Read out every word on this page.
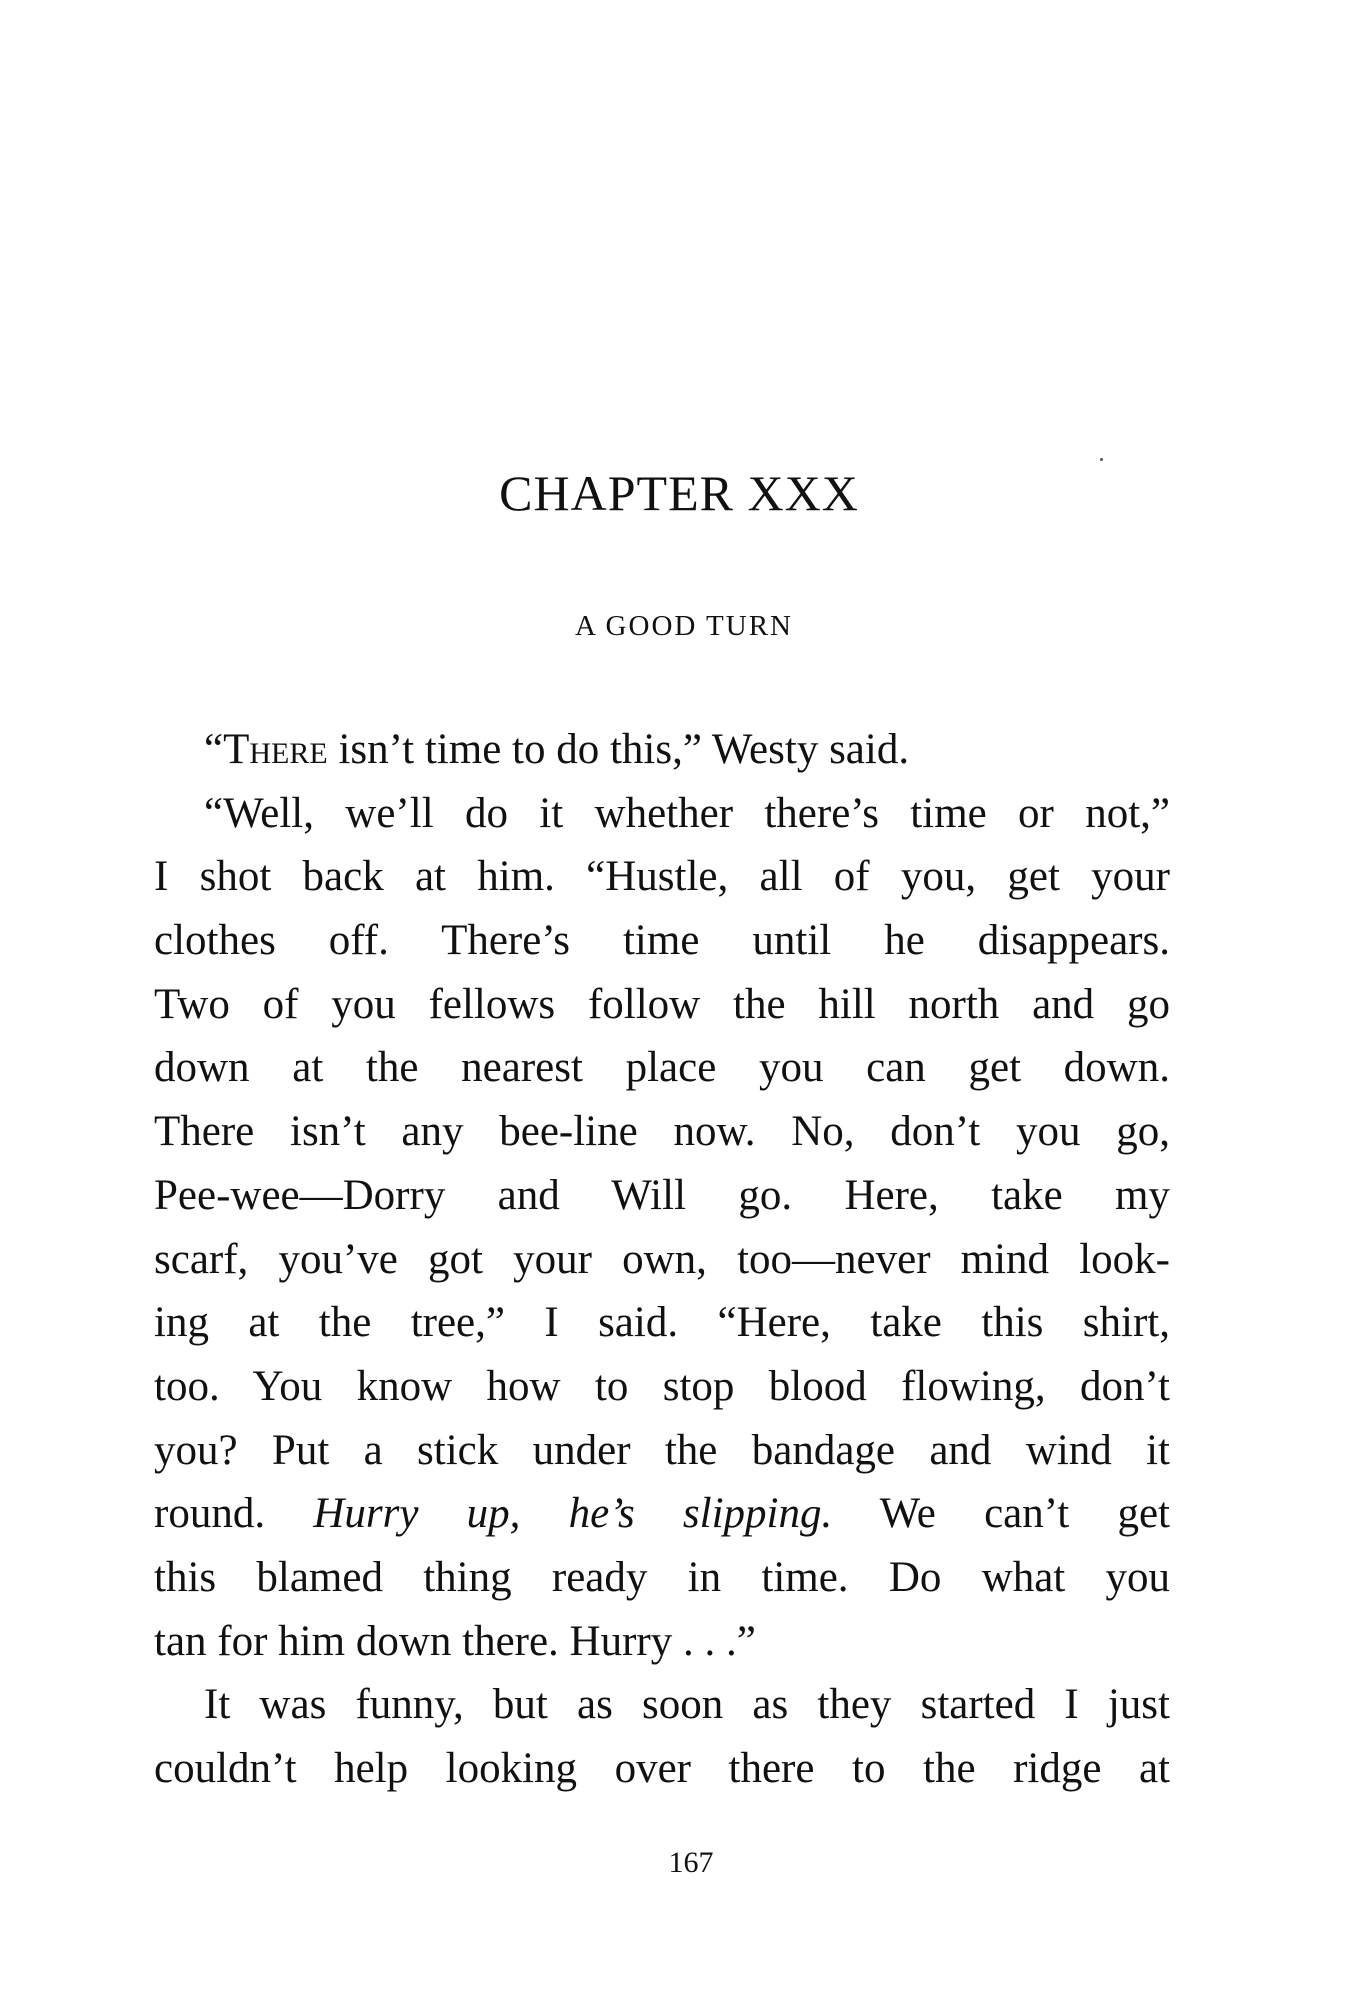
CHAPTER XXX
A GOOD TURN
“There isn’t time to do this,” Westy said.
“Well, we’ll do it whether there’s time or not,”
I shot back at him. “Hustle, all of you, get your
clothes off. There’s time until he disappears.
Two of you fellows follow the hill north and go
down at the nearest place you can get down.
There isn’t any bee-line now. No, don’t you go,
Pee-wee—Dorry and Will go. Here, take my
scarf, you’ve got your own, too—never mind look-
ing at the tree,” I said. “Here, take this shirt,
too. You know how to stop blood flowing, don’t
you? Put a stick under the bandage and wind it
round. Hurry up, he’s slipping. We can’t get
this blamed thing ready in time. Do what you
tan for him down there. Hurry . . .”
It was funny, but as soon as they started I just
couldn’t help looking over there to the ridge at
167
